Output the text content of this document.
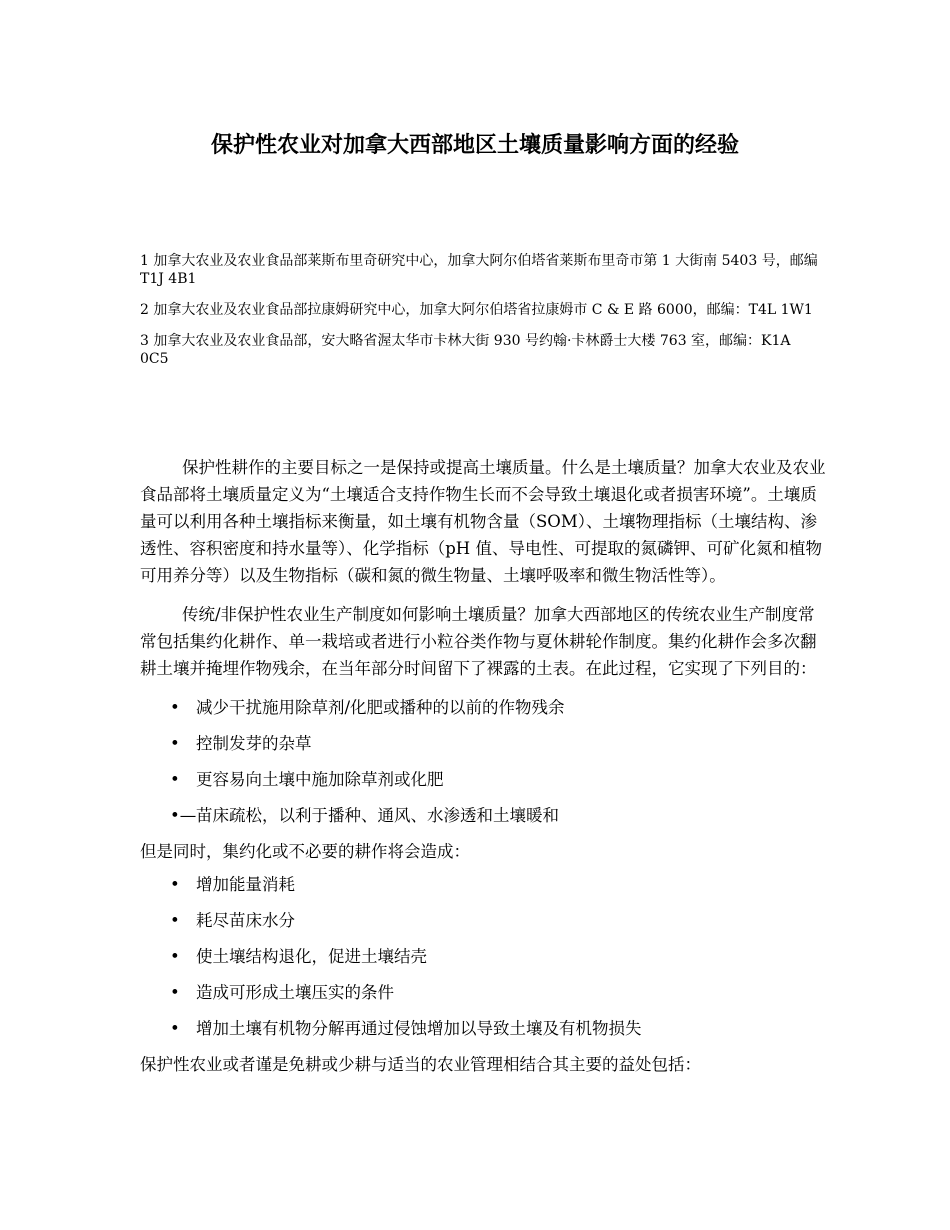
保护性农业对加拿大西部地区土壤质量影响方面的经验

1 加拿大农业及农业食品部莱斯布里奇研究中心，加拿大阿尔伯塔省莱斯布里奇市第 1 大街南 5403 号，邮编 T1J 4B1

2 加拿大农业及农业食品部拉康姆研究中心，加拿大阿尔伯塔省拉康姆市 C & E 路 6000，邮编：T4L 1W1

3 加拿大农业及农业食品部，安大略省渥太华市卡林大街 930 号约翰·卡林爵士大楼 763 室，邮编：K1A 0C5

保护性耕作的主要目标之一是保持或提高土壤质量。什么是土壤质量？加拿大农业及农业食品部将土壤质量定义为“土壤适合支持作物生长而不会导致土壤退化或者损害环境”。土壤质量可以利用各种土壤指标来衡量，如土壤有机物含量（SOM）、土壤物理指标（土壤结构、渗透性、容积密度和持水量等）、化学指标（pH 值、导电性、可提取的氮磷钾、可矿化氮和植物可用养分等）以及生物指标（碳和氮的微生物量、土壤呼吸率和微生物活性等）。

传统/非保护性农业生产制度如何影响土壤质量？加拿大西部地区的传统农业生产制度常常包括集约化耕作、单一栽培或者进行小粒谷类作物与夏休耕轮作制度。集约化耕作会多次翻耕土壤并掩埋作物残余，在当年部分时间留下了裸露的土表。在此过程，它实现了下列目的：

• 减少干扰施用除草剂/化肥或播种的以前的作物残余
• 控制发芽的杂草
• 更容易向土壤中施加除草剂或化肥
•— 苗床疏松，以利于播种、通风、水渗透和土壤暖和

但是同时，集约化或不必要的耕作将会造成：

• 增加能量消耗
• 耗尽苗床水分
• 使土壤结构退化，促进土壤结壳
• 造成可形成土壤压实的条件
• 增加土壤有机物分解再通过侵蚀增加以导致土壤及有机物损失

保护性农业或者谨是免耕或少耕与适当的农业管理相结合其主要的益处包括：
